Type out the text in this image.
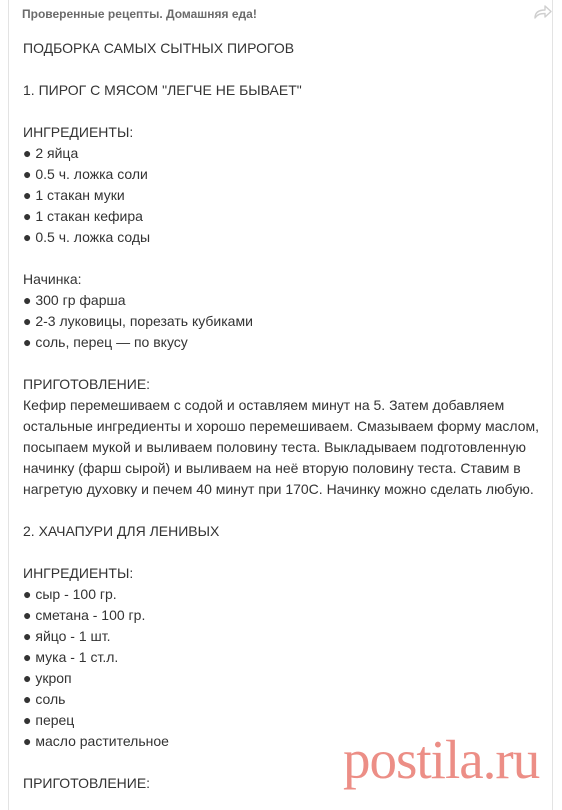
Проверенные рецепты. Домашняя еда!
ПОДБОРКА САМЫХ СЫТНЫХ ПИРОГОВ
1. ПИРОГ С МЯСОМ "ЛЕГЧЕ НЕ БЫВАЕТ"
ИНГРЕДИЕНТЫ:
● 2 яйца
● 0.5 ч. ложка соли
● 1 стакан муки
● 1 стакан кефира
● 0.5 ч. ложка соды
Начинка:
● 300 гр фарша
● 2-3 луковицы, порезать кубиками
● соль, перец — по вкусу
ПРИГОТОВЛЕНИЕ:
Кефир перемешиваем с содой и оставляем минут на 5. Затем добавляем остальные ингредиенты и хорошо перемешиваем. Смазываем форму маслом, посыпаем мукой и выливаем половину теста. Выкладываем подготовленную начинку (фарш сырой) и выливаем на неё вторую половину теста. Ставим в нагретую духовку и печем 40 минут при 170С. Начинку можно сделать любую.
2. ХАЧАПУРИ ДЛЯ ЛЕНИВЫХ
ИНГРЕДИЕНТЫ:
● сыр - 100 гр.
● сметана - 100 гр.
● яйцо - 1 шт.
● мука - 1 ст.л.
● укроп
● соль
● перец
● масло растительное
ПРИГОТОВЛЕНИЕ:	postila.ru
